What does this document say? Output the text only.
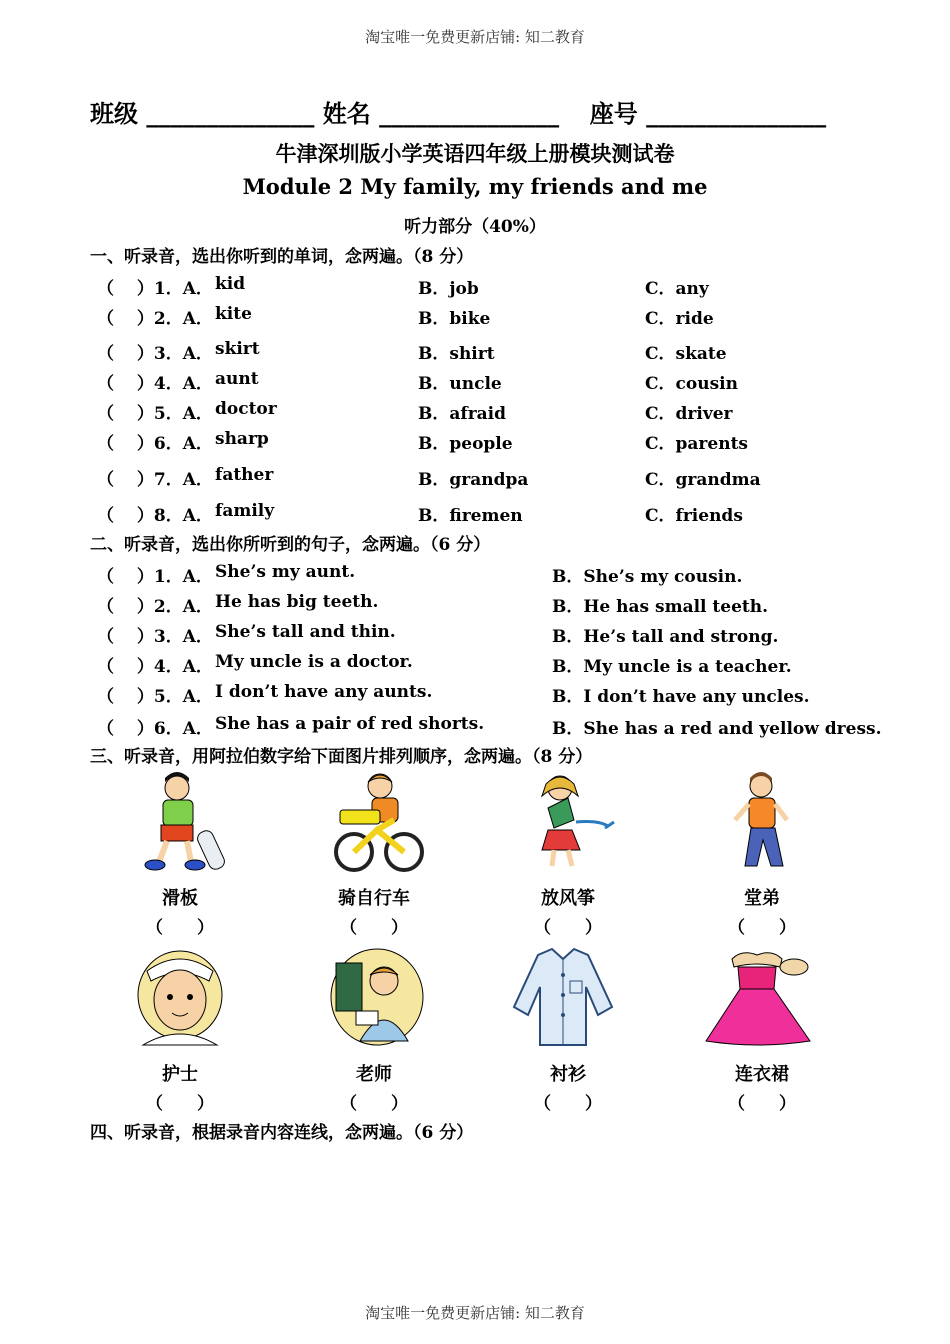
淘宝唯一免费更新店铺: 知二教育
淘宝唯一免费更新店铺: 知二教育
班级 ______________ 姓名 _______________ 座号 _______________
牛津深圳版小学英语四年级上册模块测试卷
Module 2 My family, my friends and me
听力部分（40%）
一、听录音，选出你听到的单词，念两遍。（8 分）
（　 ）1．A． kid	B．job	C．any
（　 ）2．A． kite	B．bike	C．ride
（　 ）3．A． skirt	B．shirt	C．skate
（　 ）4．A． aunt	B．uncle	C．cousin
（　 ）5．A． doctor	B．afraid	C．driver
（　 ）6．A． sharp	B．people	C．parents
（　 ）7．A． father	B．grandpa	C．grandma
（　 ）8．A． family	B．firemen	C．friends
二、听录音，选出你所听到的句子，念两遍。（6 分）
（　 ）1．A． She’s my aunt.	B．She’s my cousin.
（　 ）2．A． He has big teeth.	B．He has small teeth.
（　 ）3．A． She’s tall and thin.	B．He’s tall and strong.
（　 ）4．A． My uncle is a doctor.	B．My uncle is a teacher.
（　 ）5．A． I don’t have any aunts.	B．I don’t have any uncles.
（　 ）6．A． She has a pair of red shorts.	B．She has a red and yellow dress.
三、听录音，用阿拉伯数字给下面图片排列顺序，念两遍。（8 分）
滑板
（　　）
骑自行车
（　　）
放风筝
（　　）
堂弟
（　　）
护士
（　　）
老师
（　　）
衬衫
（　　）
连衣裙
（　　）
四、听录音，根据录音内容连线，念两遍。（6 分）
